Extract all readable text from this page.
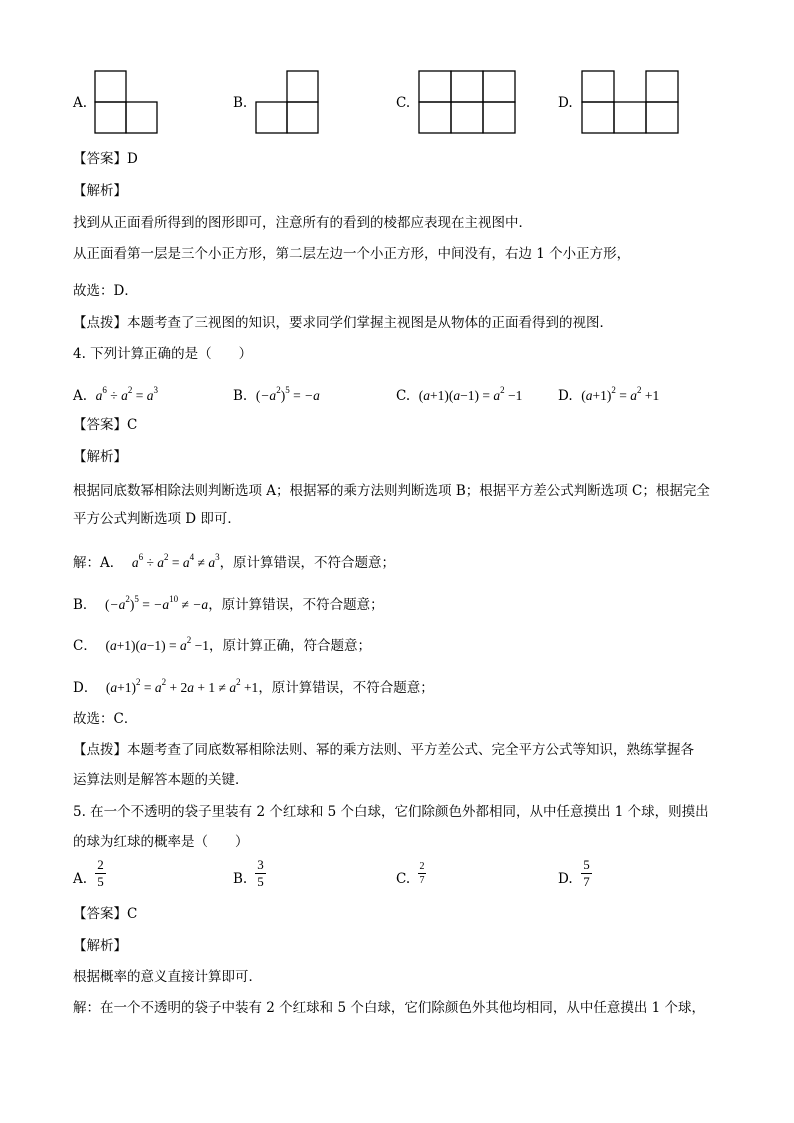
A.	B.	C.	D.
【答案】D
【解析】
找到从正面看所得到的图形即可，注意所有的看到的棱都应表现在主视图中．
从正面看第一层是三个小正方形，第二层左边一个小正方形，中间没有，右边 1 个小正方形，
故选：D．
【点拨】本题考查了三视图的知识，要求同学们掌握主视图是从物体的正面看得到的视图．
4. 下列计算正确的是（　　）
A. $a^6 \div a^2 = a^3$	B. $(-a^2)^5 = -a$	C. $(a+1)(a-1) = a^2 -1$	D. $(a+1)^2 = a^2 +1$
【答案】C
【解析】
根据同底数幂相除法则判断选项 A；根据幂的乘方法则判断选项 B；根据平方差公式判断选项 C；根据完全
平方公式判断选项 D 即可．
解：A． $a^6 \div a^2 = a^4 \ne a^3$，原计算错误，不符合题意；
B． $(-a^2)^5 = -a^{10} \ne -a$，原计算错误，不符合题意；
C． $(a+1)(a-1) = a^2 -1$，原计算正确，符合题意；
D． $(a+1)^2 = a^2 + 2a + 1 \ne a^2 +1$，原计算错误，不符合题意；
故选：C．
【点拨】本题考查了同底数幂相除法则、幂的乘方法则、平方差公式、完全平方公式等知识，熟练掌握各
运算法则是解答本题的关键．
5. 在一个不透明的袋子里装有 2 个红球和 5 个白球，它们除颜色外都相同，从中任意摸出 1 个球，则摸出
的球为红球的概率是（　　）
A.
2
5	B.
3
5	C.
2
7	D.
5
7
【答案】C
【解析】
根据概率的意义直接计算即可．
解：在一个不透明的袋子中装有 2 个红球和 5 个白球，它们除颜色外其他均相同，从中任意摸出 1 个球，
